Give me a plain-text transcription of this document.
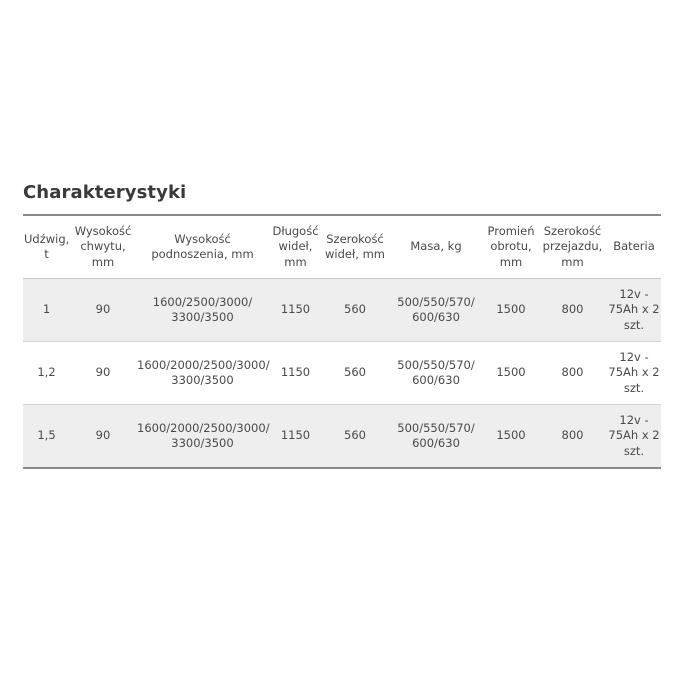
Charakterystyki
Udźwig, t	Wysokość chwytu, mm	Wysokość podnoszenia, mm	Długość wideł, mm	Szerokość wideł, mm	Masa, kg	Promień obrotu, mm	Szerokość przejazdu, mm	Bateria
1	90	1600/2500/3000/ 3300/3500	1150	560	500/550/570/ 600/630	1500	800	12v - 75Ah x 2 szt.
1,2	90	1600/2000/2500/3000/ 3300/3500	1150	560	500/550/570/ 600/630	1500	800	12v - 75Ah x 2 szt.
1,5	90	1600/2000/2500/3000/ 3300/3500	1150	560	500/550/570/ 600/630	1500	800	12v - 75Ah x 2 szt.
